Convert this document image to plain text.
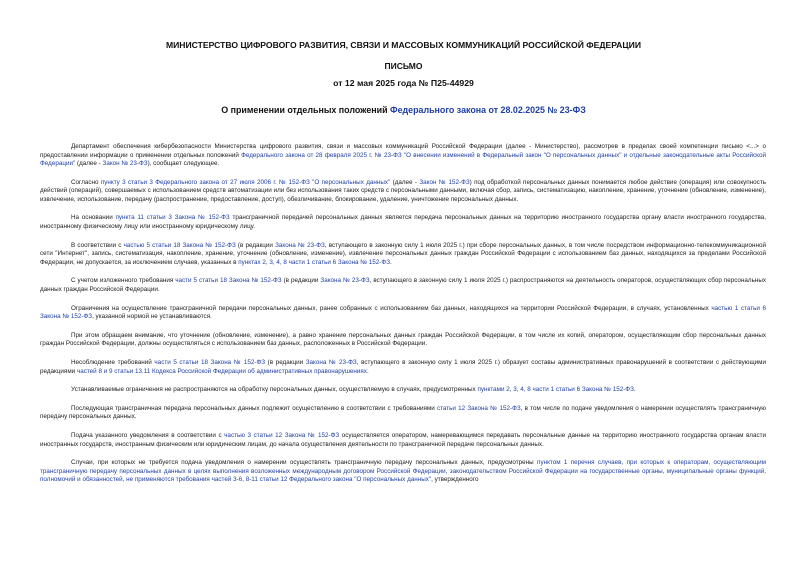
МИНИСТЕРСТВО ЦИФРОВОГО РАЗВИТИЯ, СВЯЗИ И МАССОВЫХ КОММУНИКАЦИЙ РОССИЙСКОЙ ФЕДЕРАЦИИ
ПИСЬМО
от 12 мая 2025 года № П25-44929
О применении отдельных положений Федерального закона от 28.02.2025 № 23-ФЗ
Департамент обеспечения кибербезопасности Министерства цифрового развития, связи и массовых коммуникаций Российской Федерации (далее - Министерство), рассмотрев в пределах своей компетенции письмо <...> о предоставлении информации о применении отдельных положений Федерального закона от 28 февраля 2025 г. № 23-ФЗ "О внесении изменений в Федеральный закон "О персональных данных" и отдельные законодательные акты Российской Федерации" (далее - Закон № 23-ФЗ), сообщает следующее.
Согласно пункту 3 статьи 3 Федерального закона от 27 июля 2006 г. № 152-ФЗ "О персональных данных" (далее - Закон № 152-ФЗ) под обработкой персональных данных понимается любое действие (операция) или совокупность действий (операций), совершаемых с использованием средств автоматизации или без использования таких средств с персональными данными, включая сбор, запись, систематизацию, накопление, хранение, уточнение (обновление, изменение), извлечение, использование, передачу (распространение, предоставление, доступ), обезличивание, блокирование, удаление, уничтожение персональных данных.
На основании пункта 11 статьи 3 Закона № 152-ФЗ трансграничной передачей персональных данных является передача персональных данных на территорию иностранного государства органу власти иностранного государства, иностранному физическому лицу или иностранному юридическому лицу.
В соответствии с частью 5 статьи 18 Закона № 152-ФЗ (в редакции Закона № 23-ФЗ, вступающего в законную силу 1 июля 2025 г.) при сборе персональных данных, в том числе посредством информационно-телекоммуникационной сети "Интернет", запись, систематизация, накопление, хранение, уточнение (обновление, изменение), извлечение персональных данных граждан Российской Федерации с использованием баз данных, находящихся за пределами Российской Федерации, не допускается, за исключением случаев, указанных в пунктах 2, 3, 4, 8 части 1 статьи 6 Закона № 152-ФЗ.
С учетом изложенного требования части 5 статьи 18 Закона № 152-ФЗ (в редакции Закона № 23-ФЗ, вступающего в законную силу 1 июля 2025 г.) распространяются на деятельность операторов, осуществляющих сбор персональных данных граждан Российской Федерации.
Ограничения на осуществление трансграничной передачи персональных данных, ранее собранных с использованием баз данных, находящихся на территории Российской Федерации, в случаях, установленных частью 1 статьи 6 Закона № 152-ФЗ, указанной нормой не устанавливаются.
При этом обращаем внимание, что уточнение (обновление, изменение), а равно хранение персональных данных граждан Российской Федерации, в том числе их копий, оператором, осуществляющим сбор персональных данных граждан Российской Федерации, должны осуществляться с использованием баз данных, расположенных в Российской Федерации.
Несоблюдение требований части 5 статьи 18 Закона № 152-ФЗ (в редакции Закона № 23-ФЗ, вступающего в законную силу 1 июля 2025 г.) образует составы административных правонарушений в соответствии с действующими редакциями частей 8 и 9 статьи 13.11 Кодекса Российской Федерации об административных правонарушениях.
Устанавливаемые ограничения не распространяются на обработку персональных данных, осуществляемую в случаях, предусмотренных пунктами 2, 3, 4, 8 части 1 статьи 6 Закона № 152-ФЗ.
Последующая трансграничная передача персональных данных подлежит осуществлению в соответствии с требованиями статьи 12 Закона № 152-ФЗ, в том числе по подаче уведомления о намерении осуществлять трансграничную передачу персональных данных.
Подача указанного уведомления в соответствии с частью 3 статьи 12 Закона № 152-ФЗ осуществляется оператором, намеревающимся передавать персональные данные на территорию иностранного государства органам власти иностранных государств, иностранным физическим или юридическим лицам, до начала осуществления деятельности по трансграничной передаче персональных данных.
Случаи, при которых не требуется подача уведомления о намерении осуществлять трансграничную передачу персональных данных, предусмотрены пунктом 1 перечня случаев, при которых к операторам, осуществляющим трансграничную передачу персональных данных в целях выполнения возложенных международным договором Российской Федерации, законодательством Российской Федерации на государственные органы, муниципальные органы функций, полномочий и обязанностей, не применяются требования частей 3-6, 8-11 статьи 12 Федерального закона "О персональных данных", утвержденного
